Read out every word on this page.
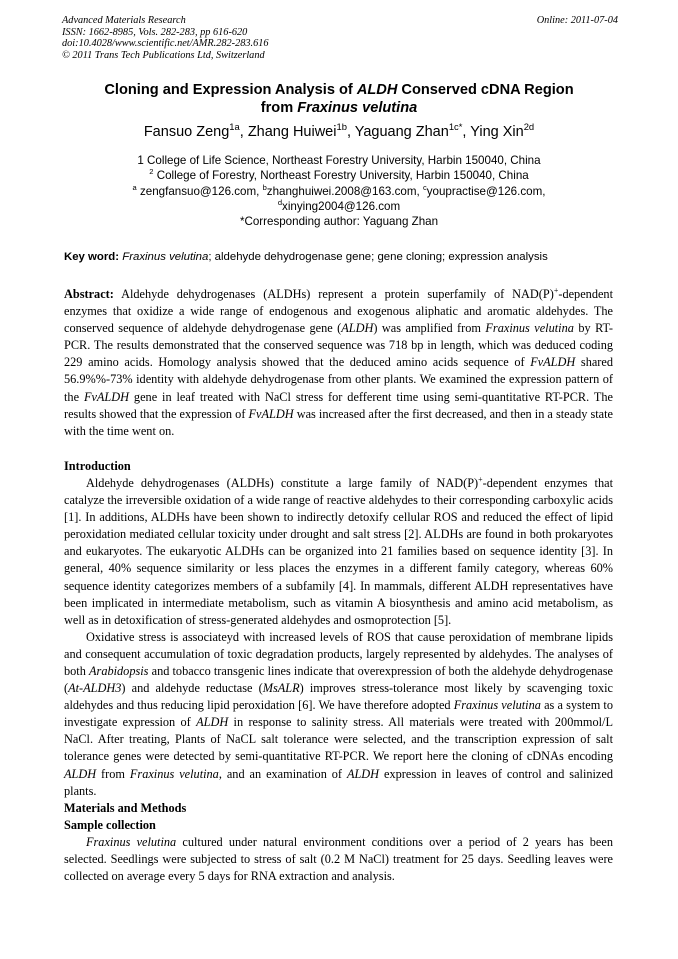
Advanced Materials Research
ISSN: 1662-8985, Vols. 282-283, pp 616-620
doi:10.4028/www.scientific.net/AMR.282-283.616
© 2011 Trans Tech Publications Ltd, Switzerland
Online: 2011-07-04
Cloning and Expression Analysis of ALDH Conserved cDNA Region
from Fraxinus velutina
Fansuo Zeng$^{1a}$, Zhang Huiwei$^{1b}$, Yaguang Zhan$^{1c*}$, Ying Xin$^{2d}$
1 College of Life Science, Northeast Forestry University, Harbin 150040, China
$^2$ College of Forestry, Northeast Forestry University, Harbin 150040, China
$^a$ zengfansuo@126.com, $^b$zhanghuiwei.2008@163.com, $^c$youpractise@126.com,
$^d$xinying2004@126.com
*Corresponding author: Yaguang Zhan
Key word: Fraxinus velutina; aldehyde dehydrogenase gene; gene cloning; expression analysis

Abstract: Aldehyde dehydrogenases (ALDHs) represent a protein superfamily of NAD(P)+-dependent enzymes that oxidize a wide range of endogenous and exogenous aliphatic and aromatic aldehydes. The conserved sequence of aldehyde dehydrogenase gene (ALDH) was amplified from Fraxinus velutina by RT-PCR. The results demonstrated that the conserved sequence was 718 bp in length, which was deduced coding 229 amino acids. Homology analysis showed that the deduced amino acids sequence of FvALDH shared 56.9%%-73% identity with aldehyde dehydrogenase from other plants. We examined the expression pattern of the FvALDH gene in leaf treated with NaCl stress for defferent time using semi-quantitative RT-PCR. The results showed that the expression of FvALDH was increased after the first decreased, and then in a steady state with the time went on.

Introduction

Aldehyde dehydrogenases (ALDHs) constitute a large family of NAD(P)+-dependent enzymes that catalyze the irreversible oxidation of a wide range of reactive aldehydes to their corresponding carboxylic acids [1]. In additions, ALDHs have been shown to indirectly detoxify cellular ROS and reduced the effect of lipid peroxidation mediated cellular toxicity under drought and salt stress [2]. ALDHs are found in both prokaryotes and eukaryotes. The eukaryotic ALDHs can be organized into 21 families based on sequence identity [3]. In general, 40% sequence similarity or less places the enzymes in a different family category, whereas 60% sequence identity categorizes members of a subfamily [4]. In mammals, different ALDH representatives have been implicated in intermediate metabolism, such as vitamin A biosynthesis and amino acid metabolism, as well as in detoxification of stress-generated aldehydes and osmoprotection [5].

Oxidative stress is associateyd with increased levels of ROS that cause peroxidation of membrane lipids and consequent accumulation of toxic degradation products, largely represented by aldehydes. The analyses of both Arabidopsis and tobacco transgenic lines indicate that overexpression of both the aldehyde dehydrogenase (At-ALDH3) and aldehyde reductase (MsALR) improves stress-tolerance most likely by scavenging toxic aldehydes and thus reducing lipid peroxidation [6]. We have therefore adopted Fraxinus velutina as a system to investigate expression of ALDH in response to salinity stress. All materials were treated with 200mmol/L NaCl. After treating, Plants of NaCL salt tolerance were selected, and the transcription expression of salt tolerance genes were detected by semi-quantitative RT-PCR. We report here the cloning of cDNAs encoding ALDH from Fraxinus velutina, and an examination of ALDH expression in leaves of control and salinized plants.

Materials and Methods

Sample collection

Fraxinus velutina cultured under natural environment conditions over a period of 2 years has been selected. Seedlings were subjected to stress of salt (0.2 M NaCl) treatment for 25 days. Seedling leaves were collected on average every 5 days for RNA extraction and analysis.
